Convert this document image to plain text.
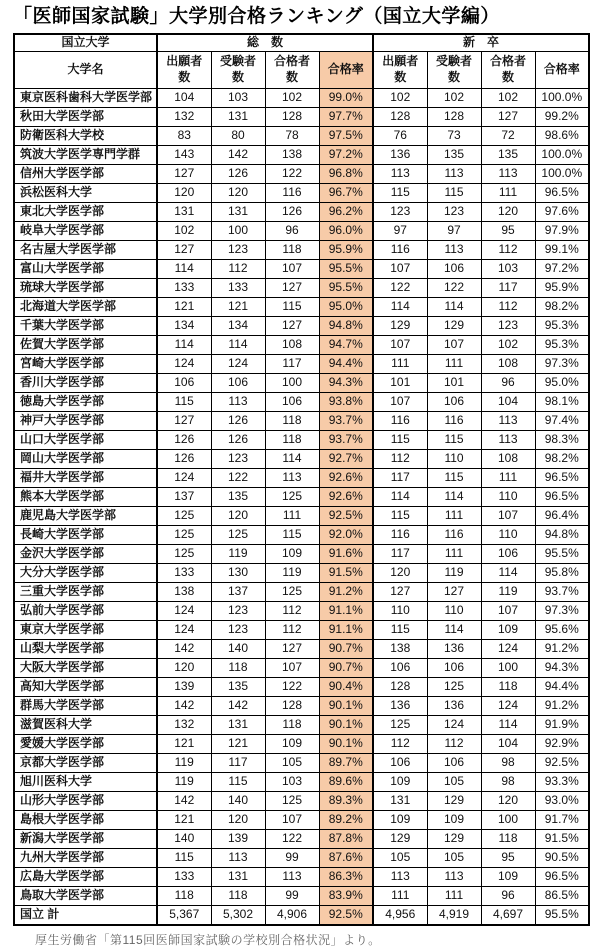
「医師国家試験」大学別合格ランキング（国立大学編）
国立大学	総　数				新　卒			
大学名	出願者数	受験者数	合格者数	合格率	出願者数	受験者数	合格者数	合格率
東京医科歯科大学医学部	104	103	102	99.0%	102	102	102	100.0%
秋田大学医学部	132	131	128	97.7%	128	128	127	99.2%
防衛医科大学校	83	80	78	97.5%	76	73	72	98.6%
筑波大学医学専門学群	143	142	138	97.2%	136	135	135	100.0%
信州大学医学部	127	126	122	96.8%	113	113	113	100.0%
浜松医科大学	120	120	116	96.7%	115	115	111	96.5%
東北大学医学部	131	131	126	96.2%	123	123	120	97.6%
岐阜大学医学部	102	100	96	96.0%	97	97	95	97.9%
名古屋大学医学部	127	123	118	95.9%	116	113	112	99.1%
富山大学医学部	114	112	107	95.5%	107	106	103	97.2%
琉球大学医学部	133	133	127	95.5%	122	122	117	95.9%
北海道大学医学部	121	121	115	95.0%	114	114	112	98.2%
千葉大学医学部	134	134	127	94.8%	129	129	123	95.3%
佐賀大学医学部	114	114	108	94.7%	107	107	102	95.3%
宮崎大学医学部	124	124	117	94.4%	111	111	108	97.3%
香川大学医学部	106	106	100	94.3%	101	101	96	95.0%
徳島大学医学部	115	113	106	93.8%	107	106	104	98.1%
神戸大学医学部	127	126	118	93.7%	116	116	113	97.4%
山口大学医学部	126	126	118	93.7%	115	115	113	98.3%
岡山大学医学部	126	123	114	92.7%	112	110	108	98.2%
福井大学医学部	124	122	113	92.6%	117	115	111	96.5%
熊本大学医学部	137	135	125	92.6%	114	114	110	96.5%
鹿児島大学医学部	125	120	111	92.5%	115	111	107	96.4%
長崎大学医学部	125	125	115	92.0%	116	116	110	94.8%
金沢大学医学部	125	119	109	91.6%	117	111	106	95.5%
大分大学医学部	133	130	119	91.5%	120	119	114	95.8%
三重大学医学部	138	137	125	91.2%	127	127	119	93.7%
弘前大学医学部	124	123	112	91.1%	110	110	107	97.3%
東京大学医学部	124	123	112	91.1%	115	114	109	95.6%
山梨大学医学部	142	140	127	90.7%	138	136	124	91.2%
大阪大学医学部	120	118	107	90.7%	106	106	100	94.3%
高知大学医学部	139	135	122	90.4%	128	125	118	94.4%
群馬大学医学部	142	142	128	90.1%	136	136	124	91.2%
滋賀医科大学	132	131	118	90.1%	125	124	114	91.9%
愛媛大学医学部	121	121	109	90.1%	112	112	104	92.9%
京都大学医学部	119	117	105	89.7%	106	106	98	92.5%
旭川医科大学	119	115	103	89.6%	109	105	98	93.3%
山形大学医学部	142	140	125	89.3%	131	129	120	93.0%
島根大学医学部	121	120	107	89.2%	109	109	100	91.7%
新潟大学医学部	140	139	122	87.8%	129	129	118	91.5%
九州大学医学部	115	113	99	87.6%	105	105	95	90.5%
広島大学医学部	133	131	113	86.3%	113	113	109	96.5%
鳥取大学医学部	118	118	99	83.9%	111	111	96	86.5%
国立 計	5,367	5,302	4,906	92.5%	4,956	4,919	4,697	95.5%
厚生労働省「第115回医師国家試験の学校別合格状況」より。
